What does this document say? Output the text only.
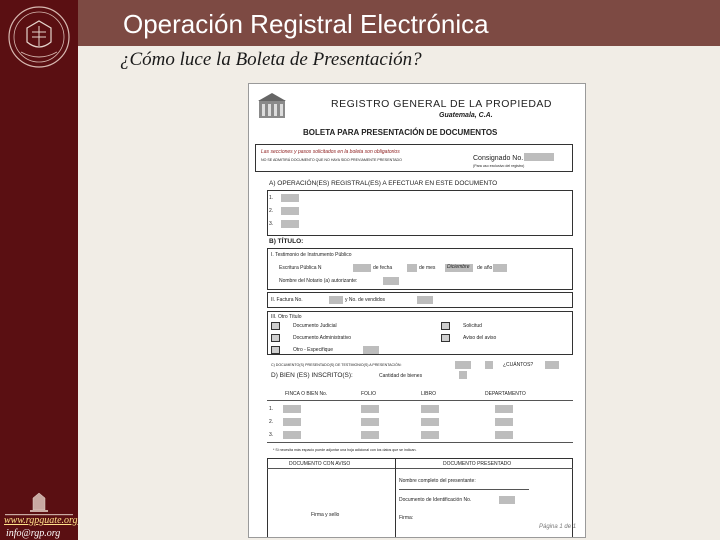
Operación Registral Electrónica
¿Cómo luce la Boleta de Presentación?
www.rgpguate.org
info@rgp.org
REGISTRO GENERAL DE LA PROPIEDAD
Guatemala, C.A.
BOLETA PARA PRESENTACIÓN DE DOCUMENTOS
Las secciones y pasos solicitados en la boleta son obligatorios
NO SE ADMITIRÁ DOCUMENTO QUE NO HAYA SIDO PREVIAMENTE PRESENTADO	Consignado No.
(Para uso exclusivo del registro)
A) OPERACIÓN(ES) REGISTRAL(ES) A EFECTUAR EN ESTE DOCUMENTO
1.
2.
3.
B) TÍTULO:
I. Testimonio de Instrumento Público
Escritura Pública N	de fecha	de mes Diciembre de año
Nombre del Notario (a) autorizante:
II. Factura No.	y No. de vendidos
III. Otro Título
Documento Judicial
Documento Administrativo
Otro - Especifique
Solicitud
Aviso del aviso
C) DOCUMENTO(S) PRESENTADO(S) DE TESTIMONIO(S) A PRESENTACIÓN:	¿CUÁNTOS?
D) BIEN (ES) INSCRITO(S):	Cantidad de bienes
FINCA O BIEN No.	FOLIO	LIBRO	DEPARTAMENTO
1.
2.
3.
* Si necesita más espacio puede adjuntar una hoja adicional con los datos que se indican.
DOCUMENTO CON AVISO	DOCUMENTO PRESENTADO
Nombre completo del presentante:
Documento de Identificación No.
Firma:
Firma y sello
Página 1 de 1
